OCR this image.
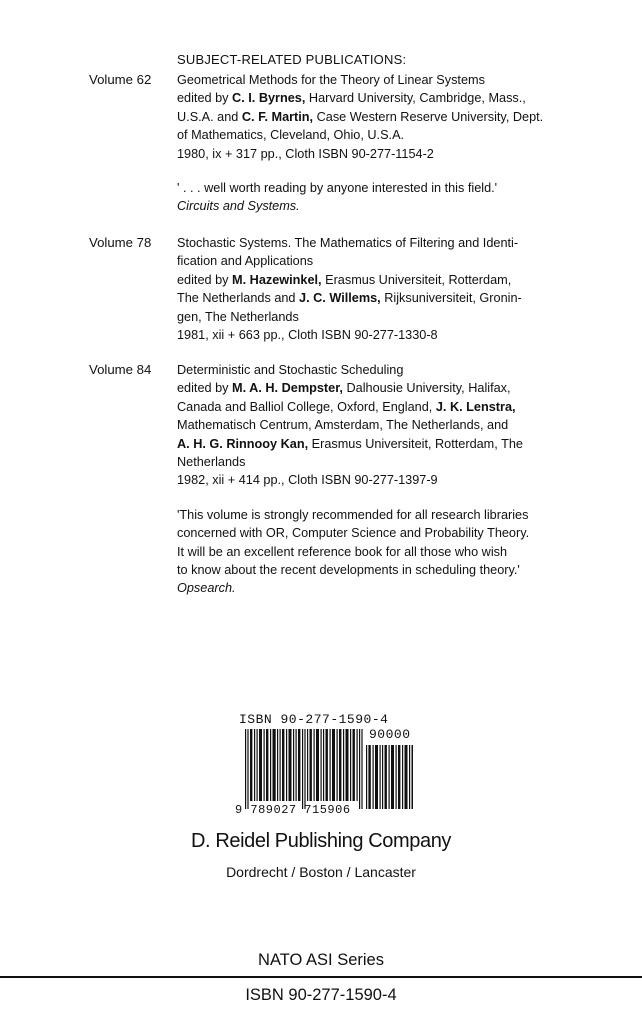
SUBJECT-RELATED PUBLICATIONS:
Volume 62 Geometrical Methods for the Theory of Linear Systems

edited by C. I. Byrnes, Harvard University, Cambridge, Mass.,

U.S.A. and C. F. Martin, Case Western Reserve University, Dept.

of Mathematics, Cleveland, Ohio, U.S.A.

1980, ix + 317 pp., Cloth ISBN 90-277-1154-2

' . . . well worth reading by anyone interested in this field.'

Circuits and Systems.

Volume 78 Stochastic Systems. The Mathematics of Filtering and Identi-

fication and Applications

edited by M. Hazewinkel, Erasmus Universiteit, Rotterdam,

The Netherlands and J. C. Willems, Rijksuniversiteit, Gronin-

gen, The Netherlands

1981, xii + 663 pp., Cloth ISBN 90-277-1330-8

Volume 84 Deterministic and Stochastic Scheduling

edited by M. A. H. Dempster, Dalhousie University, Halifax,

Canada and Balliol College, Oxford, England, J. K. Lenstra,

Mathematisch Centrum, Amsterdam, The Netherlands, and

A. H. G. Rinnooy Kan, Erasmus Universiteit, Rotterdam, The

Netherlands

1982, xii + 414 pp., Cloth ISBN 90-277-1397-9

'This volume is strongly recommended for all research libraries

concerned with OR, Computer Science and Probability Theory.

It will be an excellent reference book for all those who wish

to know about the recent developments in scheduling theory.'

Opsearch.

ISBN 90-277-1590-4
90000
9 789027 715906
D. Reidel Publishing Company
Dordrecht / Boston / Lancaster
NATO ASI Series
ISBN 90-277-1590-4
